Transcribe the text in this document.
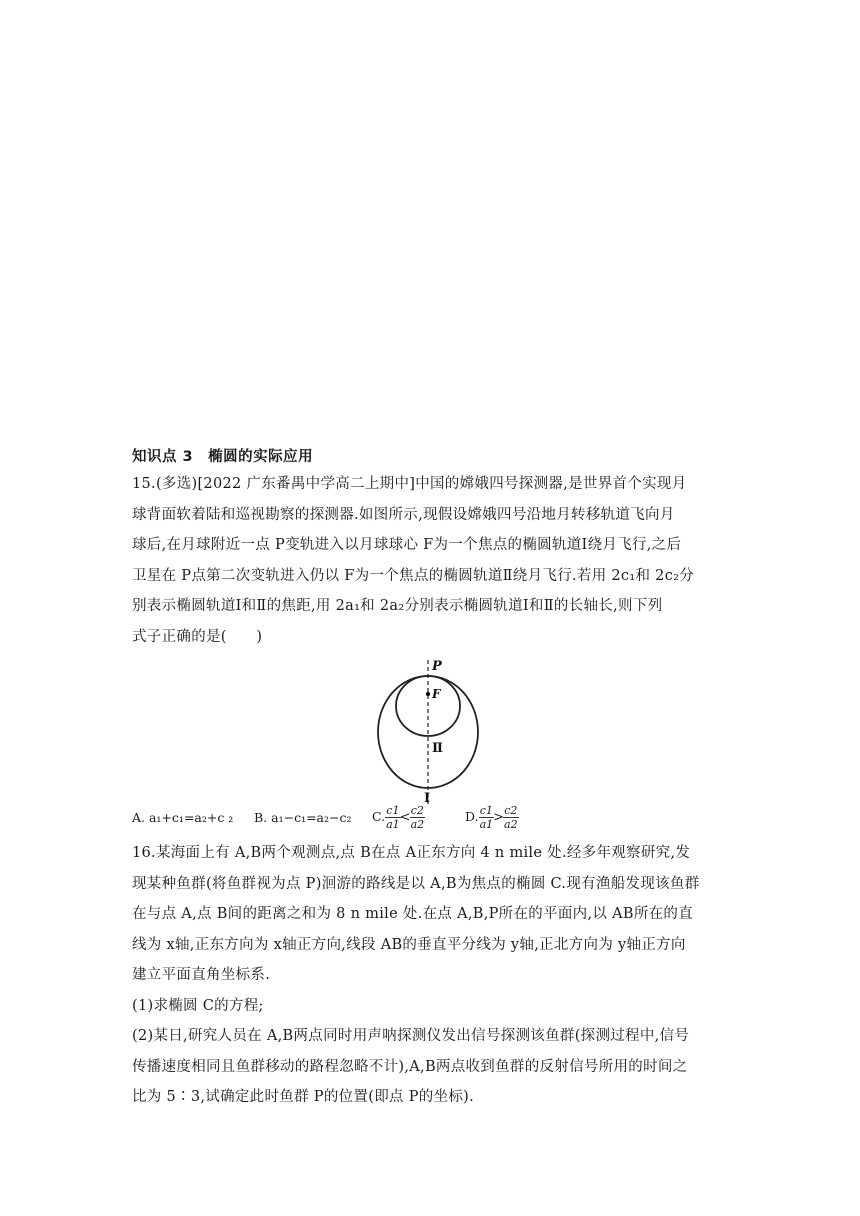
知识点 3　椭圆的实际应用
15.(多选)[2022 广东番禺中学高二上期中]中国的嫦娥四号探测器,是世界首个实现月
球背面软着陆和巡视勘察的探测器.如图所示,现假设嫦娥四号沿地月转移轨道飞向月
球后,在月球附近一点 P变轨进入以月球球心 F为一个焦点的椭圆轨道Ⅰ绕月飞行,之后
卫星在 P点第二次变轨进入仍以 F为一个焦点的椭圆轨道Ⅱ绕月飞行.若用 2c₁和 2c₂分
别表示椭圆轨道Ⅰ和Ⅱ的焦距,用 2a₁和 2a₂分别表示椭圆轨道Ⅰ和Ⅱ的长轴长,则下列
式子正确的是(　　)
P
F
Ⅱ
Ⅰ
A. a₁+c₁=a₂+c ₂ B. a₁−c₁=a₂−c₂ C. $\frac{c1}{a1} < \frac{c2}{a2}$	D. $\frac{c1}{a1} > \frac{c2}{a2}$
16.某海面上有 A,B两个观测点,点 B在点 A正东方向 4 n mile 处.经多年观察研究,发
现某种鱼群(将鱼群视为点 P)洄游的路线是以 A,B为焦点的椭圆 C.现有渔船发现该鱼群
在与点 A,点 B间的距离之和为 8 n mile 处.在点 A,B,P所在的平面内,以 AB所在的直
线为 x轴,正东方向为 x轴正方向,线段 AB的垂直平分线为 y轴,正北方向为 y轴正方向
建立平面直角坐标系.
(1)求椭圆 C的方程;
(2)某日,研究人员在 A,B两点同时用声呐探测仪发出信号探测该鱼群(探测过程中,信号
传播速度相同且鱼群移动的路程忽略不计),A,B两点收到鱼群的反射信号所用的时间之
比为 5∶3,试确定此时鱼群 P的位置(即点 P的坐标).
